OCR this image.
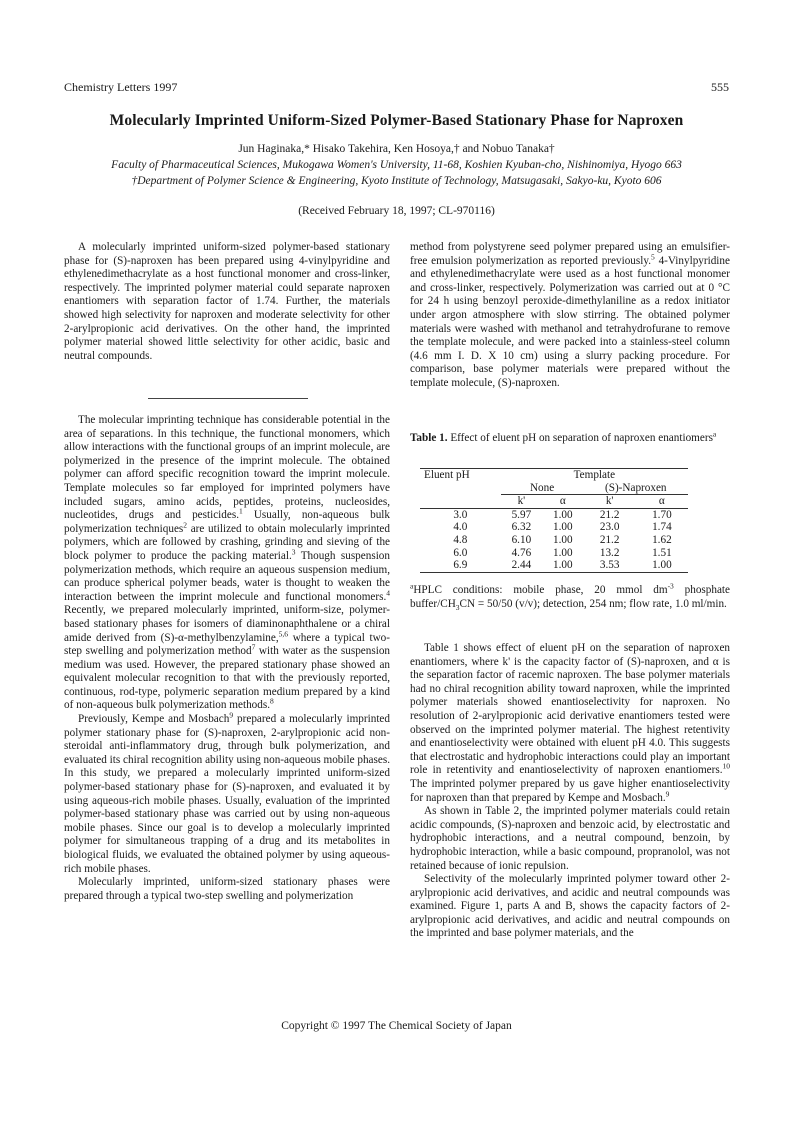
Chemistry Letters 1997	555
Molecularly Imprinted Uniform-Sized Polymer-Based Stationary Phase for Naproxen
Jun Haginaka,* Hisako Takehira, Ken Hosoya,† and Nobuo Tanaka†
Faculty of Pharmaceutical Sciences, Mukogawa Women's University, 11-68, Koshien Kyuban-cho, Nishinomiya, Hyogo 663
†Department of Polymer Science & Engineering, Kyoto Institute of Technology, Matsugasaki, Sakyo-ku, Kyoto 606
(Received February 18, 1997; CL-970116)

A molecularly imprinted uniform-sized polymer-based stationary phase for (S)-naproxen has been prepared using 4-vinylpyridine and ethylenedimethacrylate as a host functional monomer and cross-linker, respectively. The imprinted polymer material could separate naproxen enantiomers with separation factor of 1.74. Further, the materials showed high selectivity for naproxen and moderate selectivity for other 2-arylpropionic acid derivatives. On the other hand, the imprinted polymer material showed little selectivity for other acidic, basic and neutral compounds.

The molecular imprinting technique has considerable potential in the area of separations. In this technique, the functional monomers, which allow interactions with the functional groups of an imprint molecule, are polymerized in the presence of the imprint molecule. The obtained polymer can afford specific recognition toward the imprint molecule. Template molecules so far employed for imprinted polymers have included sugars, amino acids, peptides, proteins, nucleosides, nucleotides, drugs and pesticides.$^1$ Usually, non-aqueous bulk polymerization techniques$^2$ are utilized to obtain molecularly imprinted polymers, which are followed by crashing, grinding and sieving of the block polymer to produce the packing material.$^3$ Though suspension polymerization methods, which require an aqueous suspension medium, can produce spherical polymer beads, water is thought to weaken the interaction between the imprint molecule and functional monomers.$^4$ Recently, we prepared molecularly imprinted, uniform-size, polymer-based stationary phases for isomers of diaminonaphthalene or a chiral amide derived from (S)-α-methylbenzylamine,$^{5,6}$ where a typical two-step swelling and polymerization method$^7$ with water as the suspension medium was used. However, the prepared stationary phase showed an equivalent molecular recognition to that with the previously reported, continuous, rod-type, polymeric separation medium prepared by a kind of non-aqueous bulk polymerization methods.$^8$

Previously, Kempe and Mosbach$^9$ prepared a molecularly imprinted polymer stationary phase for (S)-naproxen, 2-arylpropionic acid non-steroidal anti-inflammatory drug, through bulk polymerization, and evaluated its chiral recognition ability using non-aqueous mobile phases. In this study, we prepared a molecularly imprinted uniform-sized polymer-based stationary phase for (S)-naproxen, and evaluated it by using aqueous-rich mobile phases. Usually, evaluation of the imprinted polymer-based stationary phase was carried out by using non-aqueous mobile phases. Since our goal is to develop a molecularly imprinted polymer for simultaneous trapping of a drug and its metabolites in biological fluids, we evaluated the obtained polymer by using aqueous-rich mobile phases.

Molecularly imprinted, uniform-sized stationary phases were prepared through a typical two-step swelling and polymerization

method from polystyrene seed polymer prepared using an emulsifier-free emulsion polymerization as reported previously.$^5$ 4-Vinylpyridine and ethylenedimethacrylate were used as a host functional monomer and cross-linker, respectively. Polymerization was carried out at 0 °C for 24 h using benzoyl peroxide-dimethylaniline as a redox initiator under argon atmosphere with slow stirring. The obtained polymer materials were washed with methanol and tetrahydrofurane to remove the template molecule, and were packed into a stainless-steel column (4.6 mm I. D. X 10 cm) using a slurry packing procedure. For comparison, base polymer materials were prepared without the template molecule, (S)-naproxen.

Table 1. Effect of eluent pH on separation of naproxen enantiomers$^a$
Eluent pH	Template			
	None		(S)-Naproxen	
	k'	α	k'	α
3.0	5.97	1.00	21.2	1.70
4.0	6.32	1.00	23.0	1.74
4.8	6.10	1.00	21.2	1.62
6.0	4.76	1.00	13.2	1.51
6.9	2.44	1.00	3.53	1.00
$^a$HPLC conditions: mobile phase, 20 mmol $dm^{-3}$ phosphate buffer/$CH_3CN = 50/50$ (v/v); detection, 254 nm; flow rate, 1.0 ml/min.

Table 1 shows effect of eluent pH on the separation of naproxen enantiomers, where k' is the capacity factor of (S)-naproxen, and α is the separation factor of racemic naproxen. The base polymer materials had no chiral recognition ability toward naproxen, while the imprinted polymer materials showed enantioselectivity for naproxen. No resolution of 2-arylpropionic acid derivative enantiomers tested were observed on the imprinted polymer material. The highest retentivity and enantioselectivity were obtained with eluent pH 4.0. This suggests that electrostatic and hydrophobic interactions could play an important role in retentivity and enantioselectivity of naproxen enantiomers.$^{10}$ The imprinted polymer prepared by us gave higher enantioselectivity for naproxen than that prepared by Kempe and Mosbach.$^9$

As shown in Table 2, the imprinted polymer materials could retain acidic compounds, (S)-naproxen and benzoic acid, by electrostatic and hydrophobic interactions, and a neutral compound, benzoin, by hydrophobic interaction, while a basic compound, propranolol, was not retained because of ionic repulsion.

Selectivity of the molecularly imprinted polymer toward other 2-arylpropionic acid derivatives, and acidic and neutral compounds was examined. Figure 1, parts A and B, shows the capacity factors of 2-arylpropionic acid derivatives, and acidic and neutral compounds on the imprinted and base polymer materials, and the

Copyright © 1997 The Chemical Society of Japan
